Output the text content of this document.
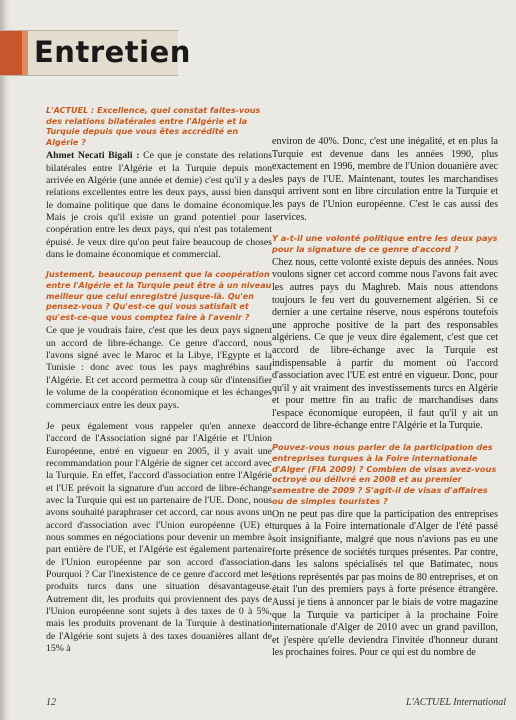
Entretien

L'ACTUEL : Excellence, quel constat faites-vous des relations bilatérales entre l'Algérie et la Turquie depuis que vous êtes accrédité en Algérie ?

Ahmet Necati Bigali : Ce que je constate des relations bilatérales entre l'Algérie et la Turquie depuis mon arrivée en Algérie (une année et demie) c'est qu'il y a des relations excellentes entre les deux pays, aussi bien dans le domaine politique que dans le domaine économique. Mais je crois qu'il existe un grand potentiel pour la coopération entre les deux pays, qui n'est pas totalement épuisé. Je veux dire qu'on peut faire beaucoup de choses dans le domaine économique et commercial.

Justement, beaucoup pensent que la coopération entre l'Algérie et la Turquie peut être à un niveau meilleur que celui enregistré jusque-là. Qu'en pensez-vous ? Qu'est-ce qui vous satisfait et qu'est-ce-que vous comptez faire à l'avenir ?

Ce que je voudrais faire, c'est que les deux pays signent un accord de libre-échange. Ce genre d'accord, nous l'avons signé avec le Maroc et la Libye, l'Egypte et la Tunisie : donc avec tous les pays maghrébins sauf l'Algérie. Et cet accord permettra à coup sûr d'intensifier le volume de la coopération économique et les échanges commerciaux entre les deux pays.

Je peux également vous rappeler qu'en annexe de l'accord de l'Association signé par l'Algérie et l'Union Européenne, entré en vigueur en 2005, il y avait une recommandation pour l'Algérie de signer cet accord avec la Turquie. En effet, l'accord d'association entre l'Algérie et l'UE prévoit la signature d'un accord de libre-échange avec la Turquie qui est un partenaire de l'UE. Donc, nous avons souhaité paraphraser cet accord, car nous avons un accord d'association avec l'Union européenne (UE) et nous sommes en négociations pour devenir un membre à part entière de l'UE, et l'Algérie est également partenaire de l'Union européenne par son accord d'association. Pourquoi ? Car l'inexistence de ce genre d'accord met les produits turcs dans une situation désavantageuse. Autrement dit, les produits qui proviennent des pays de l'Union européenne sont sujets à des taxes de 0 à 5%, mais les produits provenant de la Turquie à destination de l'Algérie sont sujets à des taxes douanières allant de 15% à

environ de 40%. Donc, c'est une inégalité, et en plus la Turquie est devenue dans les années 1990, plus exactement en 1996, membre de l'Union douanière avec les pays de l'UE. Maintenant, toutes les marchandises qui arrivent sont en libre circulation entre la Turquie et les pays de l'Union européenne. C'est le cas aussi des services.

Y a-t-il une volonté politique entre les deux pays pour la signature de ce genre d'accord ?

Chez nous, cette volonté existe depuis des années. Nous voulons signer cet accord comme nous l'avons fait avec les autres pays du Maghreb. Mais nous attendons toujours le feu vert du gouvernement algérien. Si ce dernier a une certaine réserve, nous espérons toutefois une approche positive de la part des responsables algériens. Ce que je veux dire également, c'est que cet accord de libre-échange avec la Turquie est indispensable à partir du moment où l'accord d'association avec l'UE est entré en vigueur. Donc, pour qu'il y ait vraiment des investissements turcs en Algérie et pour mettre fin au trafic de marchandises dans l'espace économique européen, il faut qu'il y ait un accord de libre-échange entre l'Algérie et la Turquie.

Pouvez-vous nous parler de la participation des entreprises turques à la Foire internationale d'Alger (FIA 2009) ? Combien de visas avez-vous octroyé ou délivré en 2008 et au premier semestre de 2009 ? S'agit-il de visas d'affaires ou de simples touristes ?

On ne peut pas dire que la participation des entreprises turques à la Foire internationale d'Alger de l'été passé soit insignifiante, malgré que nous n'avions pas eu une forte présence de sociétés turques présentes. Par contre, dans les salons spécialisés tel que Batimatec, nous étions représentés par pas moins de 80 entreprises, et on était l'un des premiers pays à forte présence étrangère. Aussi je tiens à annoncer par le biais de votre magazine que la Turquie va participer à la prochaine Foire internationale d'Alger de 2010 avec un grand pavillon, et j'espère qu'elle deviendra l'invitée d'honneur durant les prochaines foires. Pour ce qui est du nombre de

12	L'ACTUEL International
